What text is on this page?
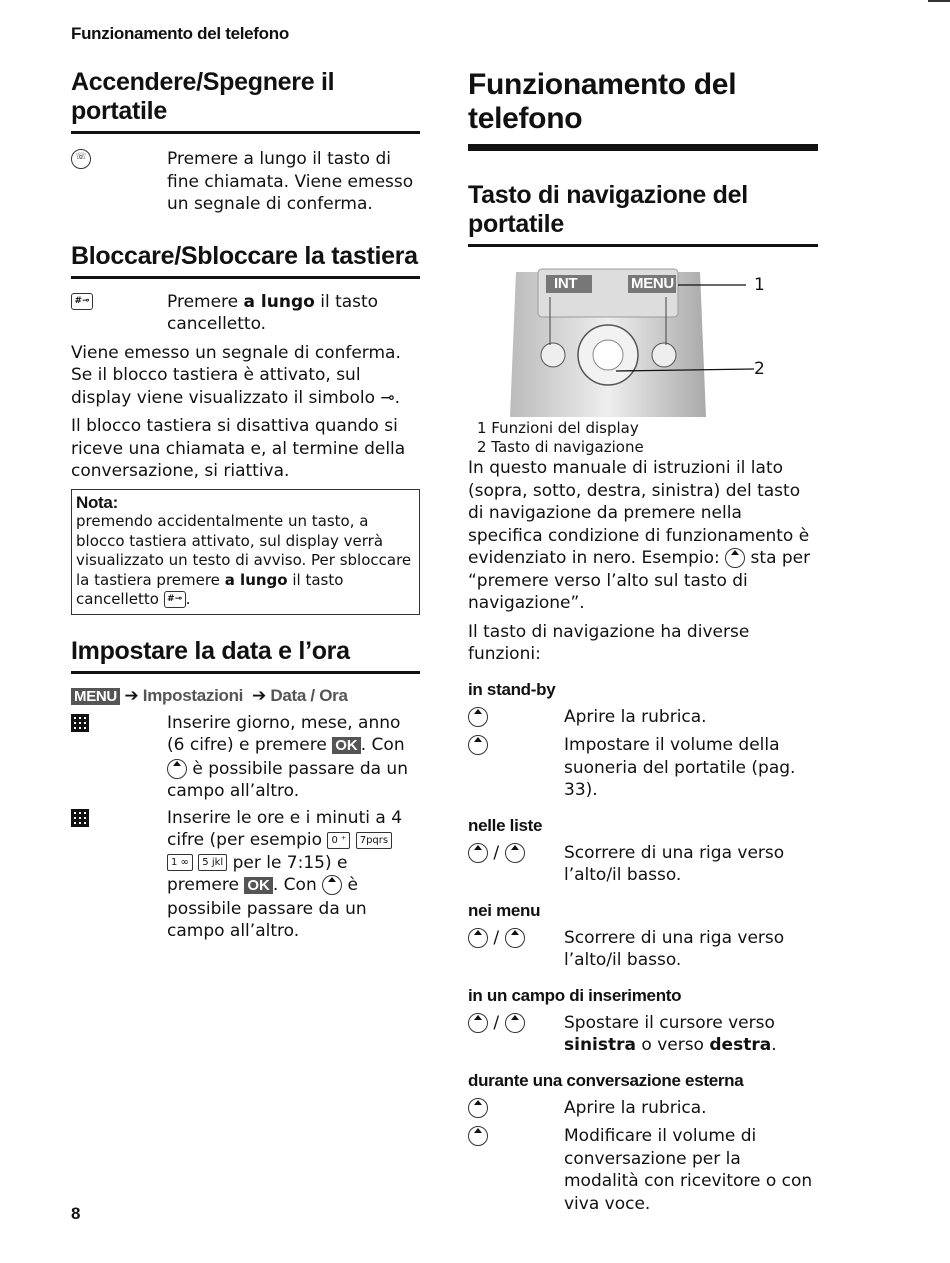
Funzionamento del telefono
Accendere/Spegnere il portatile
☏	Premere a lungo il tasto di fine chiamata. Viene emesso un segnale di conferma.
Bloccare/Sbloccare la tastiera
#⊸	Premere a lungo il tasto cancelletto.

Viene emesso un segnale di conferma. Se il blocco tastiera è attivato, sul display viene visualizzato il simbolo ⊸.

Il blocco tastiera si disattiva quando si riceve una chiamata e, al termine della conversazione, si riattiva.

Nota:
premendo accidentalmente un tasto, a blocco tastiera attivato, sul display verrà visualizzato un testo di avviso. Per sbloccare la tastiera premere a lungo il tasto cancelletto #⊸ .
Impostare la data e l’ora
MENU ➔ Impostazioni ➔ Data / Ora
Inserire giorno, mese, anno (6 cifre) e premere OK . Con
è possibile passare da un campo all’altro.
Inserire le ore e i minuti a 4 cifre (per esempio 0 ⁺ 7pqrs 1 ∞ 5 jkl per le 7:15) e premere OK . Con è possibile passare da un campo all’altro.
Funzionamento del telefono
Tasto di navigazione del portatile
INT	MENU	1
2
1 Funzioni del display
2 Tasto di navigazione

In questo manuale di istruzioni il lato (sopra, sotto, destra, sinistra) del tasto di navigazione da premere nella specifica condizione di funzionamento è evidenziato in nero. Esempio: sta per “premere verso l’alto sul tasto di navigazione”.

Il tasto di navigazione ha diverse funzioni:

in stand-by
Aprire la rubrica.
Impostare il volume della suoneria del portatile (pag. 33).
nelle liste
/	Scorrere di una riga verso l’alto/il basso.
nei menu
/	Scorrere di una riga verso l’alto/il basso.
in un campo di inserimento
/	Spostare il cursore verso sinistra o verso destra.
durante una conversazione esterna
Aprire la rubrica.
Modificare il volume di conversazione per la modalità con ricevitore o con viva voce.
8
